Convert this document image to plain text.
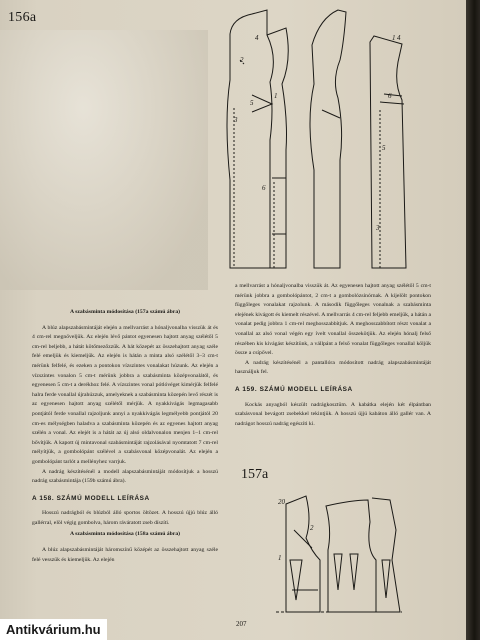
156a
4
2
1
3
5
6
1 4
6
5
3
157a
20
1
2

A szabásminta módosítása (157a számú ábra)

A blúz alapszabásmintáját elején a mellvarrást a hónaljvonalba visszük át és 4 cm-rel megnöveljük. Az elején lévő pántot egyenesen hajtott anyag szélétől 5 cm-rel beljebb, a hátát kötőmezőzzük. A hát közepét az összehajtott anyag széle felé emeljük és kiemeljük. Az elején is hátán a minta alsó szélétől 3–3 cm-t mérünk felfelé, és ezeken a pontokon vízszintes vonalakat húzunk. Az elején a vízszintes vonalon 5 cm-t mérünk jobbra a szabásminta középvonalától, és egyenesen 5 cm-t a derékhoz felé. A vízszintes vonal pótlóvéget kimérjük felfelé halra ferde vonallal újrahúzzuk, amelyeknek a szabásminta közepén levő részét is az egyenesen hajtott anyag szélétől mérjük. A nyakkivágás legmagasabb pontjától ferde vonallal rajzoljunk annyi a nyakkivágás legmélyebb pontjától 20 cm-es mélységben haladva a szabásminta közepén és az egyenes hajtott anyag szélén a vonal. Az elejét is a hátát az új alsó oldalvonalon menjen 1–1 cm-rel bővítjük. A kapott új mintavonal szabásmintáját rajzolásával nyomtatott 7 cm-rel mélyítjük, a gombolópánt szélével a szabásvonal középvonalát. Az elején a gombolópánt tarlót a mellényhez varrjuk.

A nadrág készítésénél a modell alapszabásmintáját módosítjuk a hosszú nadrág szabásmintája (159b számú ábra).

A 158. SZÁMÚ MODELL LEÍRÁSA

Hosszú nadrágból és blúzból álló sportos öltözet. A hosszú újjú blúz álló gallérral, elöl végig gombolva, három ráváratott zseb díszíti.

A szabásminta módosítása (158a számú ábra)

A blúz alapszabásmintáját háromszínű középét az összehajtott anyag széle felé vesszük és kiemeljük. Az elején

a mellvarrást a hónaljvonalba visszük át. Az egyenesen hajtott anyag szélétől 5 cm-t mérünk jobbra a gombolópántot, 2 cm-t a gombolózsinórnak. A kijelölt pontokon függőleges vonalakat rajzolunk. A második függőleges vonalnak a szabásminta elejének kivágott és kiemelt részével. A mellvarrás 4 cm-rel feljebb emeljük, a hátán a vonalat pedig jobbra 1 cm-rel meghosszabbítjuk. A meghosszabbított részt vonalat a vonallal az alsó vonal végén egy ívelt vonallal összekötjük. Az elején hónalj felső részében kis kivágást készítünk, a vállpánt a felső vonalat függőleges vonallal köljük össze a csípővel.

A nadrág készítésénél a pantallóra módosított nadrág alapszabásmintáját használjuk fel.

A 159. SZÁMÚ MODELL LEÍRÁSA

Kockás anyagból készült nadrágkosztüm. A kabátka elején két élpántban szabásvonal bevágott zsebekkel tekintjük. A hosszú újjú kabáton álló gallér van. A nadrágot hosszú nadrág egészíti ki.

207
Antikvárium.hu
